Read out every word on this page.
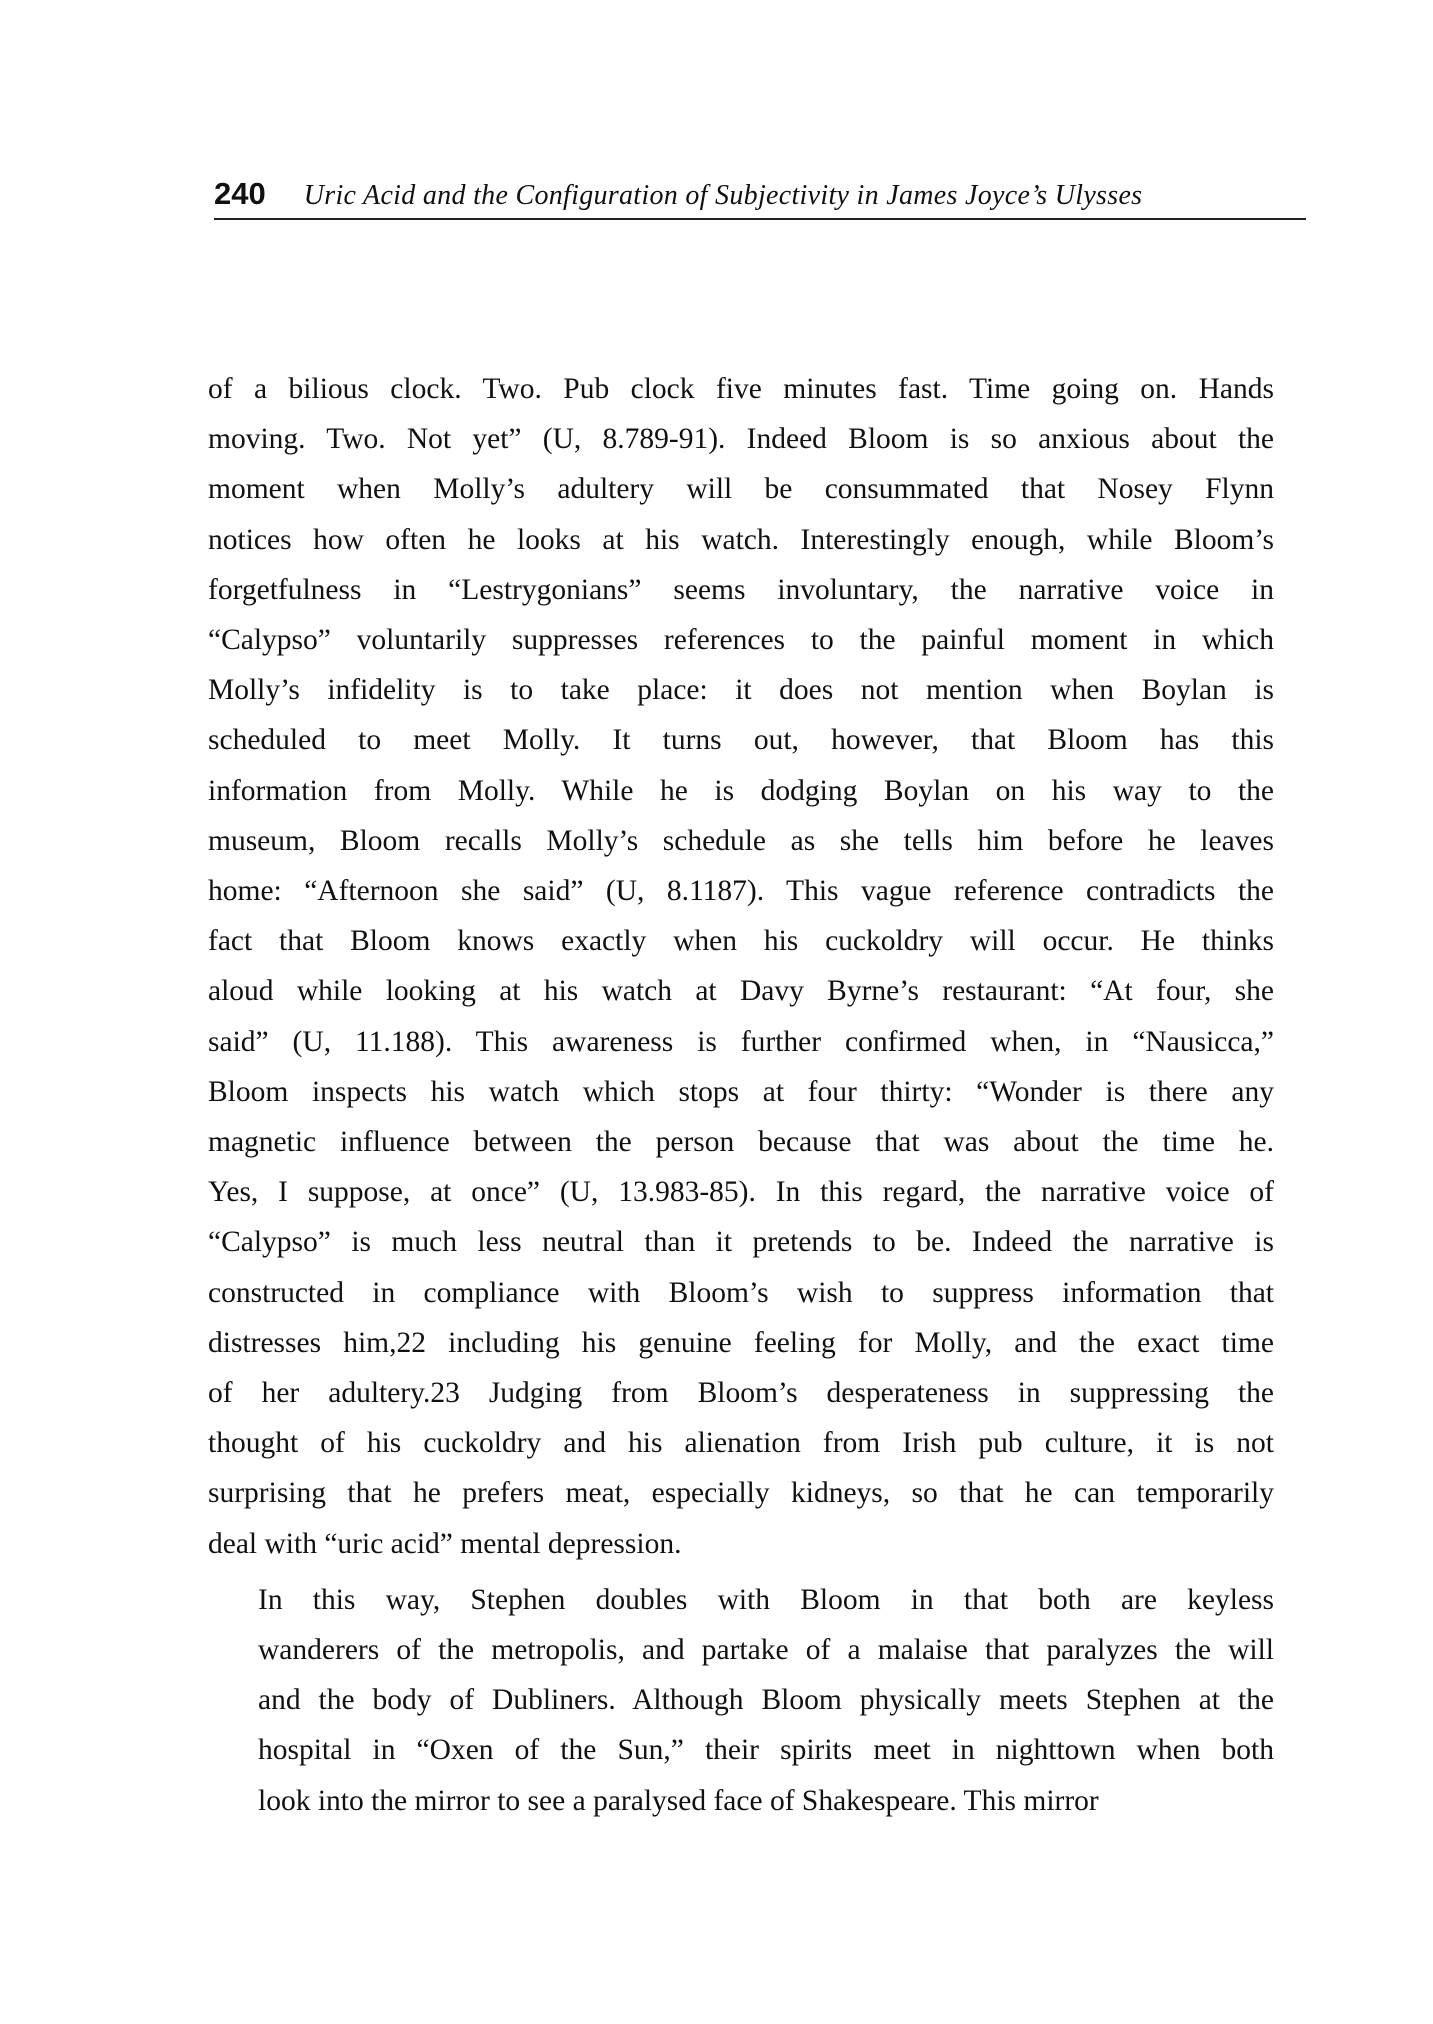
240 Uric Acid and the Configuration of Subjectivity in James Joyce’s Ulysses

of a bilious clock. Two. Pub clock five minutes fast. Time going on. Hands
moving. Two. Not yet” (U, 8.789-91). Indeed Bloom is so anxious about the
moment when Molly’s adultery will be consummated that Nosey Flynn
notices how often he looks at his watch. Interestingly enough, while Bloom’s
forgetfulness in “Lestrygonians” seems involuntary, the narrative voice in
“Calypso” voluntarily suppresses references to the painful moment in which
Molly’s infidelity is to take place: it does not mention when Boylan is
scheduled to meet Molly. It turns out, however, that Bloom has this
information from Molly. While he is dodging Boylan on his way to the
museum, Bloom recalls Molly’s schedule as she tells him before he leaves
home: “Afternoon she said” (U, 8.1187). This vague reference contradicts the
fact that Bloom knows exactly when his cuckoldry will occur. He thinks
aloud while looking at his watch at Davy Byrne’s restaurant: “At four, she
said” (U, 11.188). This awareness is further confirmed when, in “Nausicca,”
Bloom inspects his watch which stops at four thirty: “Wonder is there any
magnetic influence between the person because that was about the time he.
Yes, I suppose, at once” (U, 13.983-85). In this regard, the narrative voice of
“Calypso” is much less neutral than it pretends to be. Indeed the narrative is
constructed in compliance with Bloom’s wish to suppress information that
distresses him,22 including his genuine feeling for Molly, and the exact time
of her adultery.23 Judging from Bloom’s desperateness in suppressing the
thought of his cuckoldry and his alienation from Irish pub culture, it is not
surprising that he prefers meat, especially kidneys, so that he can temporarily
deal with “uric acid” mental depression.

In this way, Stephen doubles with Bloom in that both are keyless
wanderers of the metropolis, and partake of a malaise that paralyzes the will
and the body of Dubliners. Although Bloom physically meets Stephen at the
hospital in “Oxen of the Sun,” their spirits meet in nighttown when both
look into the mirror to see a paralysed face of Shakespeare. This mirror
